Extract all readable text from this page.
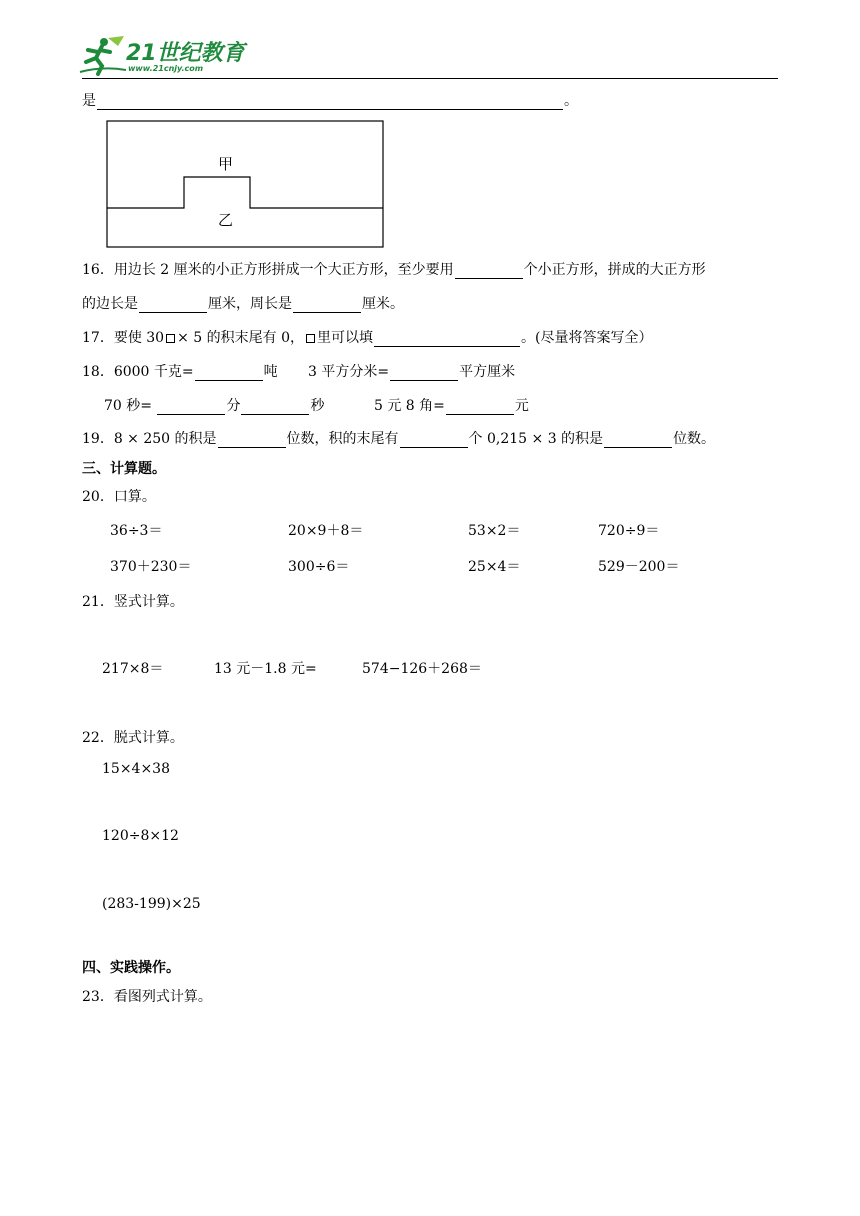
21世纪教育
www.21cnjy.com
是	。
甲
乙
16．用边长 2 厘米的小正方形拼成一个大正方形，至少要用	个小正方形，拼成的大正方形
的边长是	厘米，周长是	厘米。
17．要使 30 × 5 的积末尾有 0， 里可以填	。(尽量将答案写全）
18．6000 千克=	吨 3 平方分米=	平方厘米
70 秒=	分	秒	5 元 8 角=	元
19．8 × 250 的积是	位数，积的末尾有	个 0,215 × 3 的积是	位数。
三、计算题。
20．口算。
36÷3＝	20×9＋8＝	53×2＝	720÷9＝
370＋230＝	300÷6＝	25×4＝	529－200＝
21．竖式计算。
217×8＝	13 元－1.8 元=	574−126＋268＝
22．脱式计算。
15×4×38
120÷8×12
(283-199)×25
四、实践操作。
23．看图列式计算。
